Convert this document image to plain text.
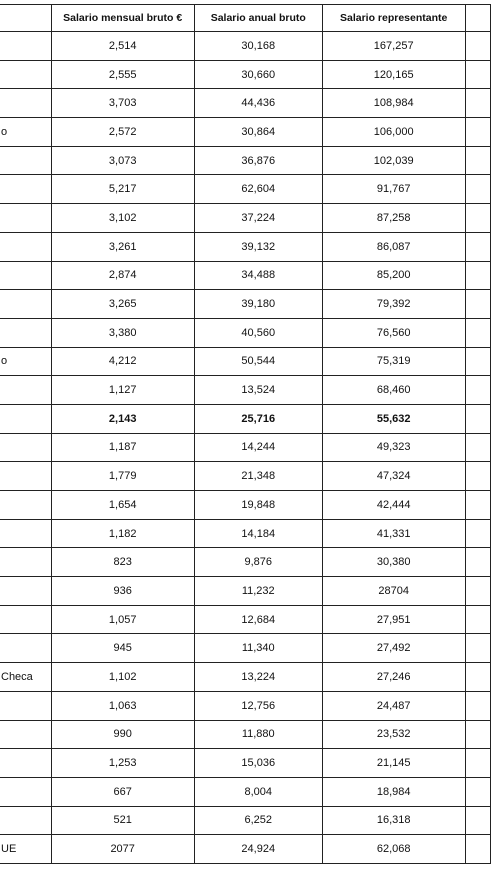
	Salario mensual bruto €	Salario anual bruto	Salario representante	
	2,514	30,168	167,257	
	2,555	30,660	120,165	
	3,703	44,436	108,984	
o	2,572	30,864	106,000	
	3,073	36,876	102,039	
	5,217	62,604	91,767	
	3,102	37,224	87,258	
	3,261	39,132	86,087	
	2,874	34,488	85,200	
	3,265	39,180	79,392	
	3,380	40,560	76,560	
o	4,212	50,544	75,319	
	1,127	13,524	68,460	
	2,143	25,716	55,632	
	1,187	14,244	49,323	
	1,779	21,348	47,324	
	1,654	19,848	42,444	
	1,182	14,184	41,331	
	823	9,876	30,380	
	936	11,232	28704	
	1,057	12,684	27,951	
	945	11,340	27,492	
Checa	1,102	13,224	27,246	
	1,063	12,756	24,487	
	990	11,880	23,532	
	1,253	15,036	21,145	
	667	8,004	18,984	
	521	6,252	16,318	
UE	2077	24,924	62,068	
